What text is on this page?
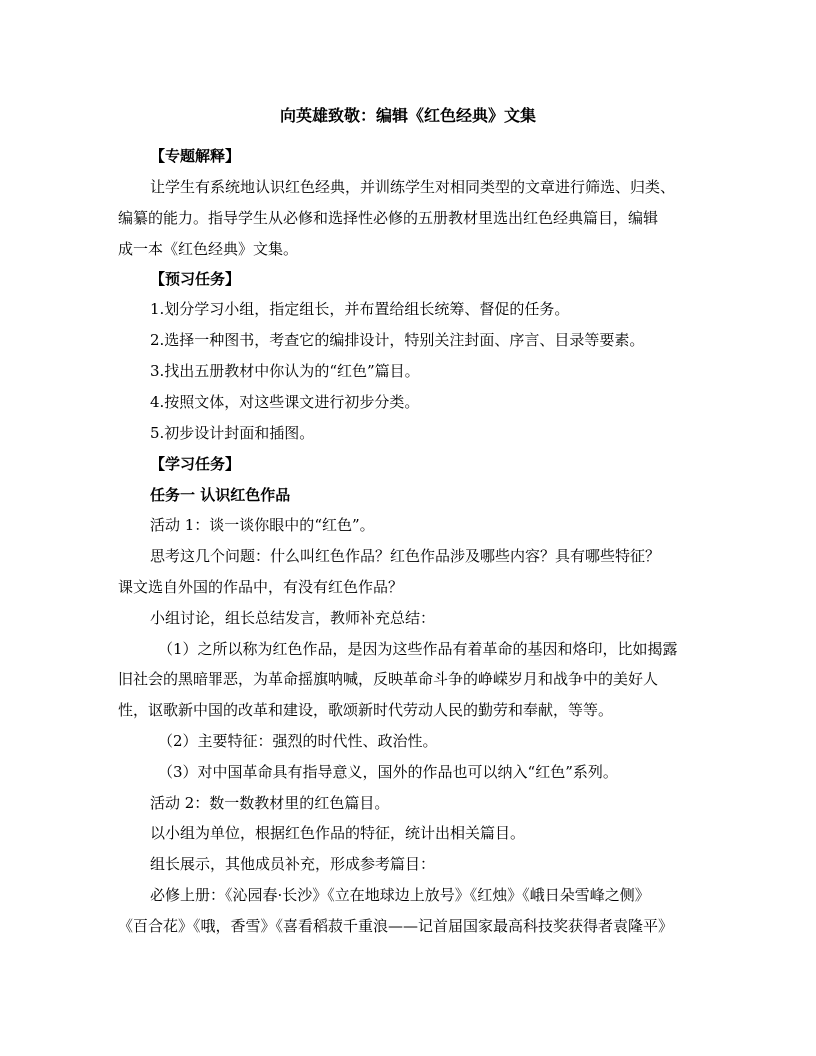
向英雄致敬：编辑《红色经典》文集
【专题解释】
让学生有系统地认识红色经典，并训练学生对相同类型的文章进行筛选、归类、
编纂的能力。指导学生从必修和选择性必修的五册教材里选出红色经典篇目，编辑
成一本《红色经典》文集。
【预习任务】
1.划分学习小组，指定组长，并布置给组长统筹、督促的任务。
2.选择一种图书，考查它的编排设计，特别关注封面、序言、目录等要素。
3.找出五册教材中你认为的“红色”篇目。
4.按照文体，对这些课文进行初步分类。
5.初步设计封面和插图。
【学习任务】
任务一 认识红色作品
活动 1：谈一谈你眼中的“红色”。
思考这几个问题：什么叫红色作品？红色作品涉及哪些内容？具有哪些特征？
课文选自外国的作品中，有没有红色作品？
小组讨论，组长总结发言，教师补充总结：
（1）之所以称为红色作品，是因为这些作品有着革命的基因和烙印，比如揭露
旧社会的黑暗罪恶，为革命摇旗呐喊，反映革命斗争的峥嵘岁月和战争中的美好人
性，讴歌新中国的改革和建设，歌颂新时代劳动人民的勤劳和奉献，等等。
（2）主要特征：强烈的时代性、政治性。
（3）对中国革命具有指导意义，国外的作品也可以纳入“红色”系列。
活动 2：数一数教材里的红色篇目。
以小组为单位，根据红色作品的特征，统计出相关篇目。
组长展示，其他成员补充，形成参考篇目：
必修上册：《沁园春·长沙》《立在地球边上放号》《红烛》《峨日朵雪峰之侧》
《百合花》《哦，香雪》《喜看稻菽千重浪——记首届国家最高科技奖获得者袁隆平》
